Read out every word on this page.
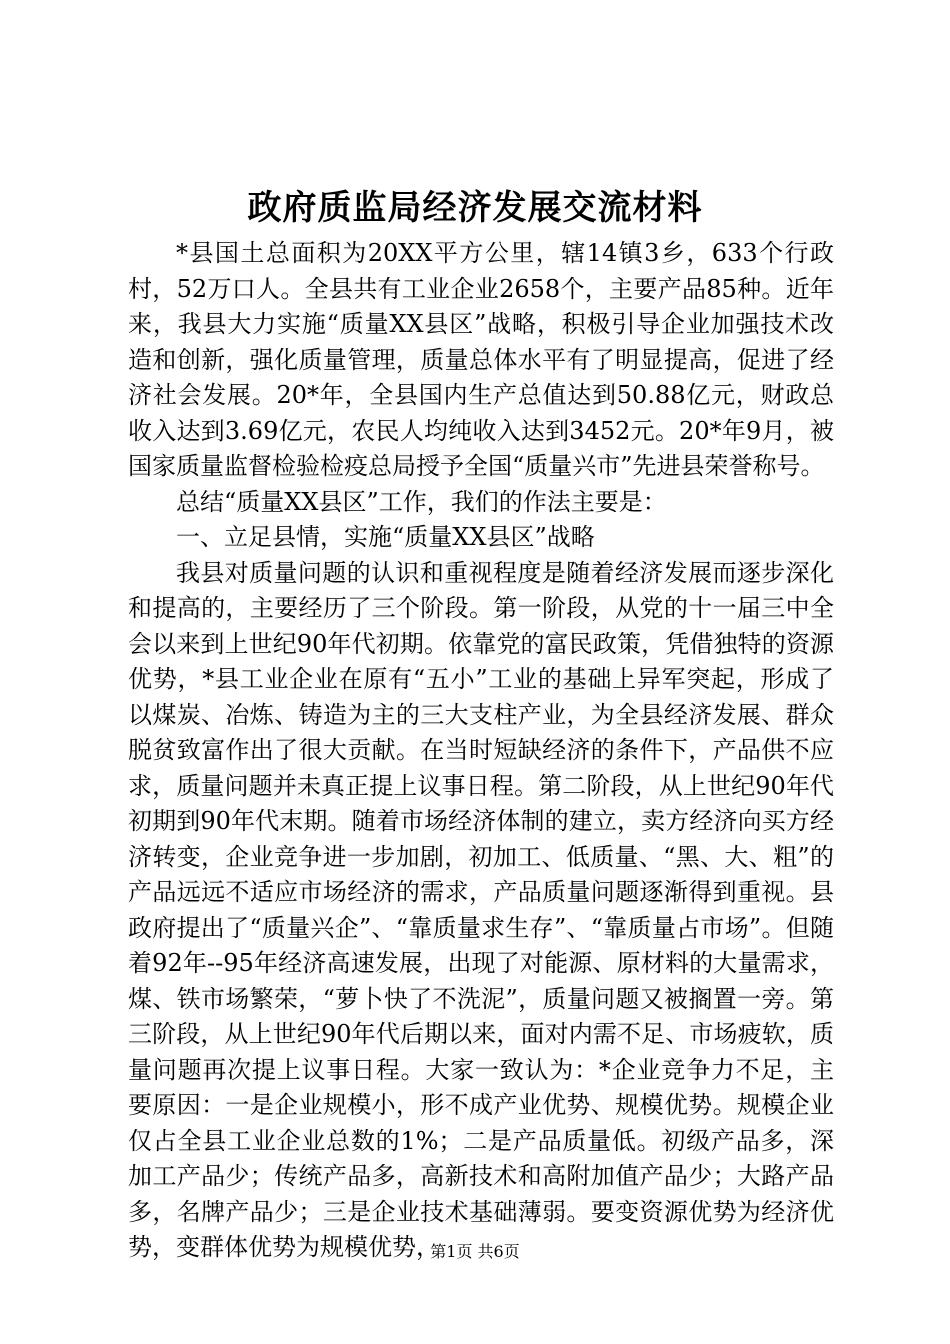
政府质监局经济发展交流材料

*县国土总面积为20XX平方公里，辖14镇3乡，633个行政村，52万口人。全县共有工业企业2658个，主要产品85种。近年来，我县大力实施“质量XX县区”战略，积极引导企业加强技术改造和创新，强化质量管理，质量总体水平有了明显提高，促进了经济社会发展。20*年，全县国内生产总值达到50.88亿元，财政总收入达到3.69亿元，农民人均纯收入达到3452元。20*年9月，被国家质量监督检验检疫总局授予全国“质量兴市”先进县荣誉称号。

总结“质量XX县区”工作，我们的作法主要是：

一、立足县情，实施“质量XX县区”战略

我县对质量问题的认识和重视程度是随着经济发展而逐步深化和提高的，主要经历了三个阶段。第一阶段，从党的十一届三中全会以来到上世纪90年代初期。依靠党的富民政策，凭借独特的资源优势，*县工业企业在原有“五小”工业的基础上异军突起，形成了以煤炭、冶炼、铸造为主的三大支柱产业，为全县经济发展、群众脱贫致富作出了很大贡献。在当时短缺经济的条件下，产品供不应求，质量问题并未真正提上议事日程。第二阶段，从上世纪90年代初期到90年代末期。随着市场经济体制的建立，卖方经济向买方经济转变，企业竞争进一步加剧，初加工、低质量、“黑、大、粗”的产品远远不适应市场经济的需求，产品质量问题逐渐得到重视。县政府提出了“质量兴企”、“靠质量求生存”、“靠质量占市场”。但随着92年--95年经济高速发展，出现了对能源、原材料的大量需求，煤、铁市场繁荣，“萝卜快了不洗泥”，质量问题又被搁置一旁。第三阶段，从上世纪90年代后期以来，面对内需不足、市场疲软，质量问题再次提上议事日程。大家一致认为：*企业竞争力不足，主要原因：一是企业规模小，形不成产业优势、规模优势。规模企业仅占全县工业企业总数的1%；二是产品质量低。初级产品多，深加工产品少；传统产品多，高新技术和高附加值产品少；大路产品多，名牌产品少；三是企业技术基础薄弱。要变资源优势为经济优势，变群体优势为规模优势，

第1页 共6页
